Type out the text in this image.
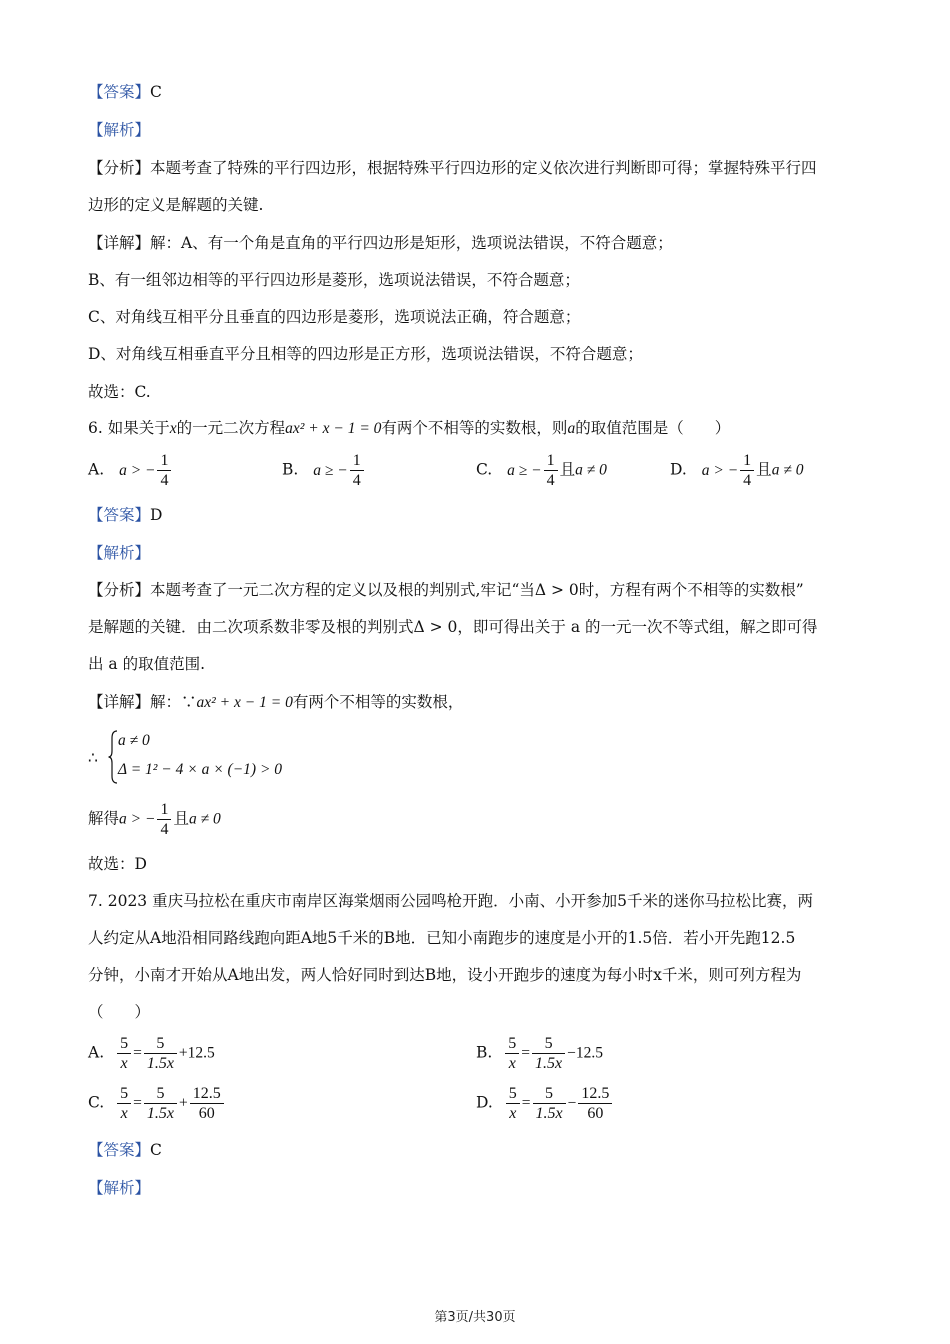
【答案】C
【解析】
【分析】本题考查了特殊的平行四边形，根据特殊平行四边形的定义依次进行判断即可得；掌握特殊平行四
边形的定义是解题的关键.
【详解】解：A、有一个角是直角的平行四边形是矩形，选项说法错误，不符合题意；
B、有一组邻边相等的平行四边形是菱形，选项说法错误，不符合题意；
C、对角线互相平分且垂直的四边形是菱形，选项说法正确，符合题意；
D、对角线互相垂直平分且相等的四边形是正方形，选项说法错误，不符合题意；
故选：C.
6. 如果关于x的一元二次方程ax² + x − 1 = 0有两个不相等的实数根，则a的取值范围是（　　）
A. a > − $\frac{1}{4}$	B. a ≥ − $\frac{1}{4}$	C. a ≥ − $\frac{1}{4}$ 且a ≠ 0	D. a > − $\frac{1}{4}$ 且a ≠ 0
【答案】D
【解析】
【分析】本题考查了一元二次方程的定义以及根的判别式,牢记“当Δ > 0时，方程有两个不相等的实数根”
是解题的关键．由二次项系数非零及根的判别式Δ > 0，即可得出关于 a 的一元一次不等式组，解之即可得
出 a 的取值范围.
【详解】解：∵ax² + x − 1 = 0有两个不相等的实数根，
∴
a ≠ 0
Δ = 1² − 4 × a × (−1) > 0
解得a > − $\frac{1}{4}$ 且a ≠ 0
故选：D
7. 2023 重庆马拉松在重庆市南岸区海棠烟雨公园鸣枪开跑．小南、小开参加5千米的迷你马拉松比赛，两
人约定从A地沿相同路线跑向距A地5千米的B地．已知小南跑步的速度是小开的1.5倍．若小开先跑12.5
分钟，小南才开始从A地出发，两人恰好同时到达B地，设小开跑步的速度为每小时x千米，则可列方程为
（　　）
A. $\frac{5}{x} = \frac{5}{1.5x} +12.5$	B. $\frac{5}{x} = \frac{5}{1.5x} -12.5$
C. $\frac{5}{x} = \frac{5}{1.5x} + \frac{12.5}{60}$	D. $\frac{5}{x} = \frac{5}{1.5x} - \frac{12.5}{60}$
【答案】C
【解析】
第3页/共30页
